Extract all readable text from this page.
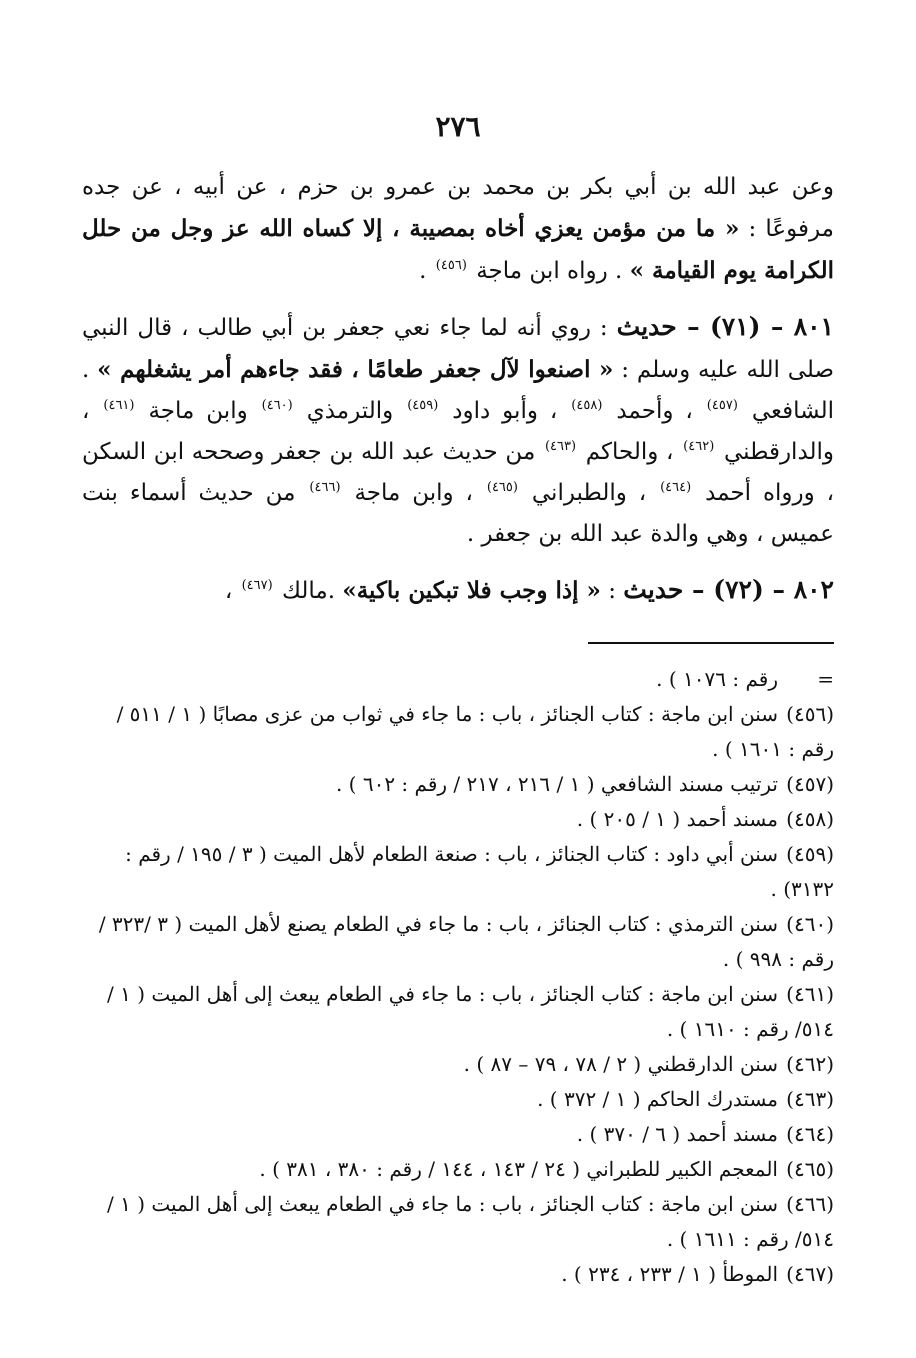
٢٧٦

وعن عبد الله بن أبي بكر بن محمد بن عمرو بن حزم ، عن أبيه ، عن جده مرفوعًا : « ما من مؤمن يعزي أخاه بمصيبة ، إلا كساه الله عز وجل من حلل الكرامة يوم القيامة » . رواه ابن ماجة $^{(٤٥٦)}$ .

٨٠١ – (٧١) – حديث : روي أنه لما جاء نعي جعفر بن أبي طالب ، قال النبي صلى الله عليه وسلم : « اصنعوا لآل جعفر طعامًا ، فقد جاءهم أمر يشغلهم » . الشافعي $^{(٤٥٧)}$ ، وأحمد $^{(٤٥٨)}$ ، وأبو داود $^{(٤٥٩)}$ والترمذي $^{(٤٦٠)}$ وابن ماجة $^{(٤٦١)}$ ، والدارقطني $^{(٤٦٢)}$ ، والحاكم $^{(٤٦٣)}$ من حديث عبد الله بن جعفر وصححه ابن السكن ، ورواه أحمد $^{(٤٦٤)}$ ، والطبراني $^{(٤٦٥)}$ ، وابن ماجة $^{(٤٦٦)}$ من حديث أسماء بنت عميس ، وهي والدة عبد الله بن جعفر .

٨٠٢ – (٧٢) – حديث : « إذا وجب فلا تبكين باكية» .مالك $^{(٤٦٧)}$ ،

=رقم : ١٠٧٦ ) .
(٤٥٦)سنن ابن ماجة : كتاب الجنائز ، باب : ما جاء في ثواب من عزى مصابًا ( ١ / ٥١١ / رقم : ١٦٠١ ) .
(٤٥٧)ترتيب مسند الشافعي ( ١ / ٢١٦ ، ٢١٧ / رقم : ٦٠٢ ) .
(٤٥٨)مسند أحمد ( ١ / ٢٠٥ ) .
(٤٥٩)سنن أبي داود : كتاب الجنائز ، باب : صنعة الطعام لأهل الميت ( ٣ / ١٩٥ / رقم : ٣١٣٢) .
(٤٦٠)سنن الترمذي : كتاب الجنائز ، باب : ما جاء في الطعام يصنع لأهل الميت ( ٣ /٣٢٣ / رقم : ٩٩٨ ) .
(٤٦١)سنن ابن ماجة : كتاب الجنائز ، باب : ما جاء في الطعام يبعث إلى أهل الميت ( ١ / ٥١٤/ رقم : ١٦١٠ ) .
(٤٦٢)سنن الدارقطني ( ٢ / ٧٨ ، ٧٩ – ٨٧ ) .
(٤٦٣)مستدرك الحاكم ( ١ / ٣٧٢ ) .
(٤٦٤)مسند أحمد ( ٦ / ٣٧٠ ) .
(٤٦٥)المعجم الكبير للطبراني ( ٢٤ / ١٤٣ ، ١٤٤ / رقم : ٣٨٠ ، ٣٨١ ) .
(٤٦٦)سنن ابن ماجة : كتاب الجنائز ، باب : ما جاء في الطعام يبعث إلى أهل الميت ( ١ / ٥١٤/ رقم : ١٦١١ ) .
(٤٦٧)الموطأ ( ١ / ٢٣٣ ، ٢٣٤ ) .
